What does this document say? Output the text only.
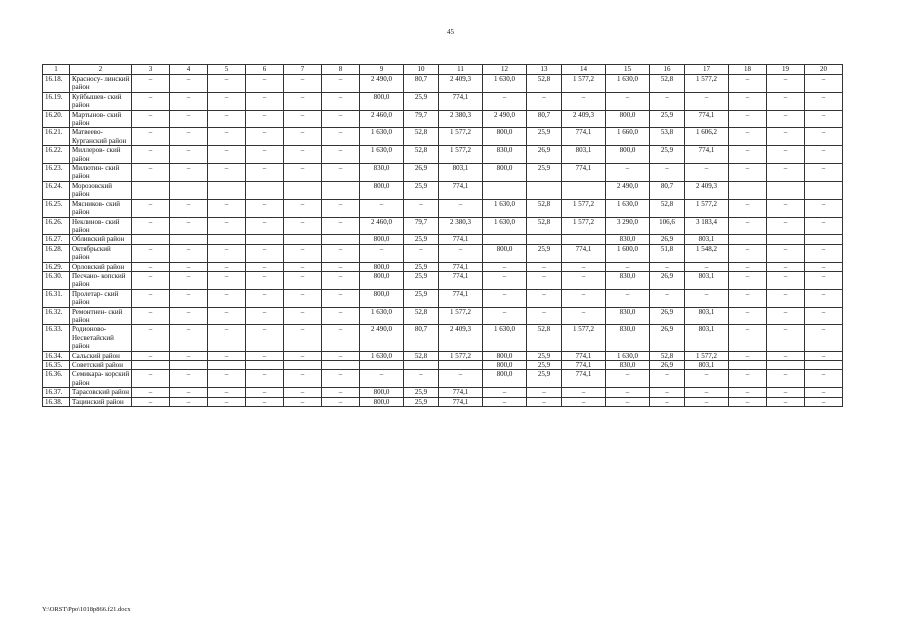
45
1	2	3	4	5	6	7	8	9	10	11	12	13	14	15	16	17	18	19	20
16.18.	Красносу- линский район	–	–	–	–	–	–	2 490,0	80,7	2 409,3	1 630,0	52,8	1 577,2	1 630,0	52,8	1 577,2	–	–	–
16.19.	Куйбышев- ский район	–	–	–	–	–	–	800,0	25,9	774,1	–	–	–	–	–	–	–	–	–
16.20.	Мартынов- ский район	–	–	–	–	–	–	2 460,0	79,7	2 380,3	2 490,0	80,7	2 409,3	800,0	25,9	774,1	–	–	–
16.21.	Матвеево- Курганский район	–	–	–	–	–	–	1 630,0	52,8	1 577,2	800,0	25,9	774,1	1 660,0	53,8	1 606,2	–	–	–
16.22.	Миллеров- ский район	–	–	–	–	–	–	1 630,0	52,8	1 577,2	830,0	26,9	803,1	800,0	25,9	774,1	–	–	–
16.23.	Милютин- ский район	–	–	–	–	–	–	830,0	26,9	803,1	800,0	25,9	774,1	–	–	–	–	–	–
16.24.	Морозовский район							800,0	25,9	774,1				2 490,0	80,7	2 409,3			
16.25.	Мясников- ский район	–	–	–	–	–	–	–	–	–	1 630,0	52,8	1 577,2	1 630,0	52,8	1 577,2	–	–	–
16.26.	Неклинов- ский район	–	–	–	–	–	–	2 460,0	79,7	2 380,3	1 630,0	52,8	1 577,2	3 290,0	106,6	3 183,4	–	–	–
16.27.	Обливский район							800,0	25,9	774,1				830,0	26,9	803,1			
16.28.	Октябрьский район	–	–	–	–	–	–	–	–	–	800,0	25,9	774,1	1 600,0	51,8	1 548,2	–	–	–
16.29.	Орловский район	–	–	–	–	–	–	800,0	25,9	774,1	–	–	–	–	–	–	–	–	–
16.30.	Песчано- копский район	–	–	–	–	–	–	800,0	25,9	774,1	–	–	–	830,0	26,9	803,1	–	–	–
16.31.	Пролетар- ский район	–	–	–	–	–	–	800,0	25,9	774,1	–	–	–	–	–	–	–	–	–
16.32.	Ремонтнен- ский район	–	–	–	–	–	–	1 630,0	52,8	1 577,2	–	–	–	830,0	26,9	803,1	–	–	–
16.33.	Родионово- Несветайский район	–	–	–	–	–	–	2 490,0	80,7	2 409,3	1 630,0	52,8	1 577,2	830,0	26,9	803,1	–	–	–
16.34.	Сальский район	–	–	–	–	–	–	1 630,0	52,8	1 577,2	800,0	25,9	774,1	1 630,0	52,8	1 577,2	–	–	–
16.35.	Советский район										800,0	25,9	774,1	830,0	26,9	803,1			
16.36.	Семикара- корский район	–	–	–	–	–	–	–	–	–	800,0	25,9	774,1	–	–	–	–	–	–
16.37.	Тарасовский район	–	–	–	–	–	–	800,0	25,9	774,1	–	–	–	–	–	–	–	–	–
16.38.	Тацинский район	–	–	–	–	–	–	800,0	25,9	774,1	–	–	–	–	–	–	–	–	–
Y:\ORST\Ppo\1018p866.f21.docx
